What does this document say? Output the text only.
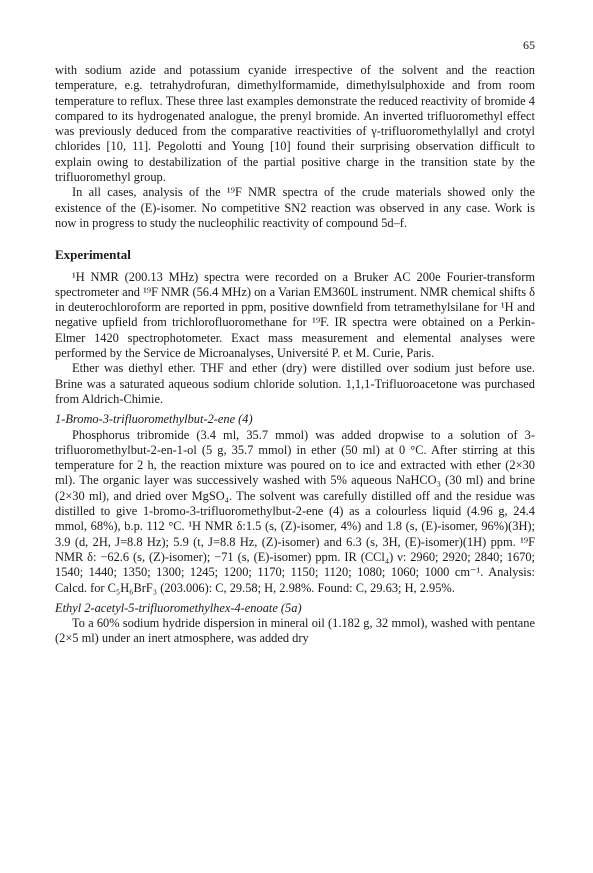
65

with sodium azide and potassium cyanide irrespective of the solvent and the reaction temperature, e.g. tetrahydrofuran, dimethylformamide, dimethylsulphoxide and from room temperature to reflux. These three last examples demonstrate the reduced reactivity of bromide 4 compared to its hydrogenated analogue, the prenyl bromide. An inverted trifluoromethyl effect was previously deduced from the comparative reactivities of γ-trifluoromethylallyl and crotyl chlorides [10, 11]. Pegolotti and Young [10] found their surprising observation difficult to explain owing to destabilization of the partial positive charge in the transition state by the trifluoromethyl group.

In all cases, analysis of the ¹⁹F NMR spectra of the crude materials showed only the existence of the (E)-isomer. No competitive SN2 reaction was observed in any case. Work is now in progress to study the nucleophilic reactivity of compound 5d–f.

Experimental

¹H NMR (200.13 MHz) spectra were recorded on a Bruker AC 200e Fourier-transform spectrometer and ¹⁹F NMR (56.4 MHz) on a Varian EM360L instrument. NMR chemical shifts δ in deuterochloroform are reported in ppm, positive downfield from tetramethylsilane for ¹H and negative upfield from trichlorofluoromethane for ¹⁹F. IR spectra were obtained on a Perkin-Elmer 1420 spectrophotometer. Exact mass measurement and elemental analyses were performed by the Service de Microanalyses, Université P. et M. Curie, Paris.

Ether was diethyl ether. THF and ether (dry) were distilled over sodium just before use. Brine was a saturated aqueous sodium chloride solution. 1,1,1-Trifluoroacetone was purchased from Aldrich-Chimie.

1-Bromo-3-trifluoromethylbut-2-ene (4)

Phosphorus tribromide (3.4 ml, 35.7 mmol) was added dropwise to a solution of 3-trifluoromethylbut-2-en-1-ol (5 g, 35.7 mmol) in ether (50 ml) at 0 °C. After stirring at this temperature for 2 h, the reaction mixture was poured on to ice and extracted with ether (2×30 ml). The organic layer was successively washed with 5% aqueous NaHCO₃ (30 ml) and brine (2×30 ml), and dried over MgSO₄. The solvent was carefully distilled off and the residue was distilled to give 1-bromo-3-trifluoromethylbut-2-ene (4) as a colourless liquid (4.96 g, 24.4 mmol, 68%), b.p. 112 °C. ¹H NMR δ:1.5 (s, (Z)-isomer, 4%) and 1.8 (s, (E)-isomer, 96%)(3H); 3.9 (d, 2H, J=8.8 Hz); 5.9 (t, J=8.8 Hz, (Z)-isomer) and 6.3 (s, 3H, (E)-isomer)(1H) ppm. ¹⁹F NMR δ: −62.6 (s, (Z)-isomer); −71 (s, (E)-isomer) ppm. IR (CCl₄) ν: 2960; 2920; 2840; 1670; 1540; 1440; 1350; 1300; 1245; 1200; 1170; 1150; 1120; 1080; 1060; 1000 cm⁻¹. Analysis: Calcd. for C₅H₆BrF₃ (203.006): C, 29.58; H, 2.98%. Found: C, 29.63; H, 2.95%.

Ethyl 2-acetyl-5-trifluoromethylhex-4-enoate (5a)

To a 60% sodium hydride dispersion in mineral oil (1.182 g, 32 mmol), washed with pentane (2×5 ml) under an inert atmosphere, was added dry
